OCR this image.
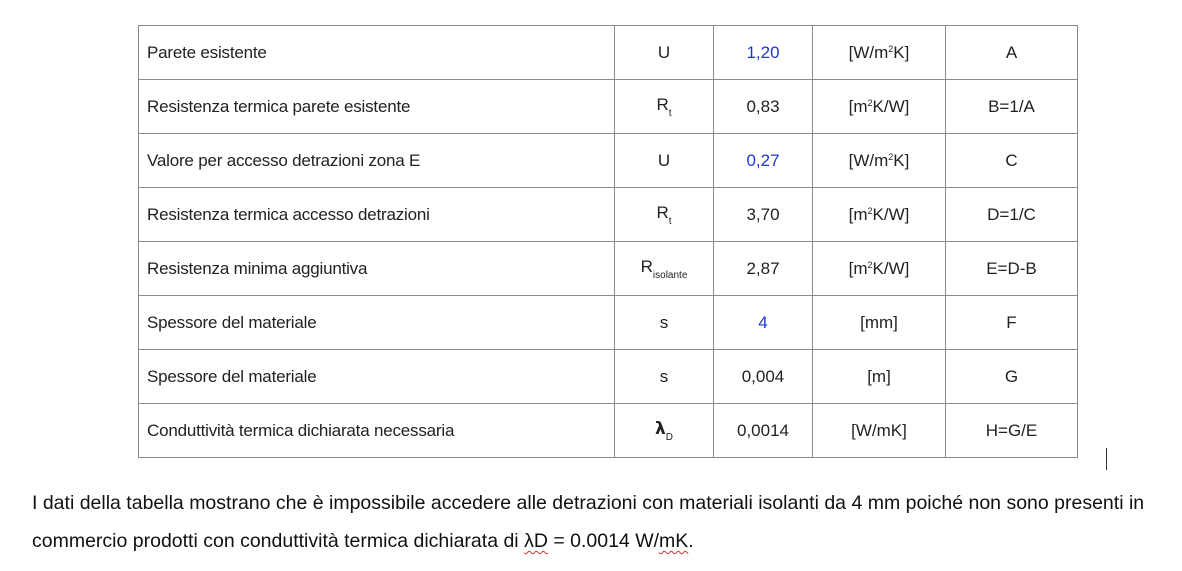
Parete esistente	U	1,20	$[W/m^2K]$	A
Resistenza termica parete esistente	$R_t$	0,83	$[m^2K/W]$	B=1/A
Valore per accesso detrazioni zona E	U	0,27	$[W/m^2K]$	C
Resistenza termica accesso detrazioni	$R_t$	3,70	$[m^2K/W]$	D=1/C
Resistenza minima aggiuntiva	$R_{isolante}$	2,87	$[m^2K/W]$	E=D-B
Spessore del materiale	s	4	[mm]	F
Spessore del materiale	s	0,004	[m]	G
Conduttività termica dichiarata necessaria	$\lambda_D$	0,0014	[W/mK]	H=G/E

I dati della tabella mostrano che è impossibile accedere alle detrazioni con materiali isolanti da 4 mm poiché non sono presenti in commercio prodotti con conduttività termica dichiarata di λD = 0.0014 W/mK.
